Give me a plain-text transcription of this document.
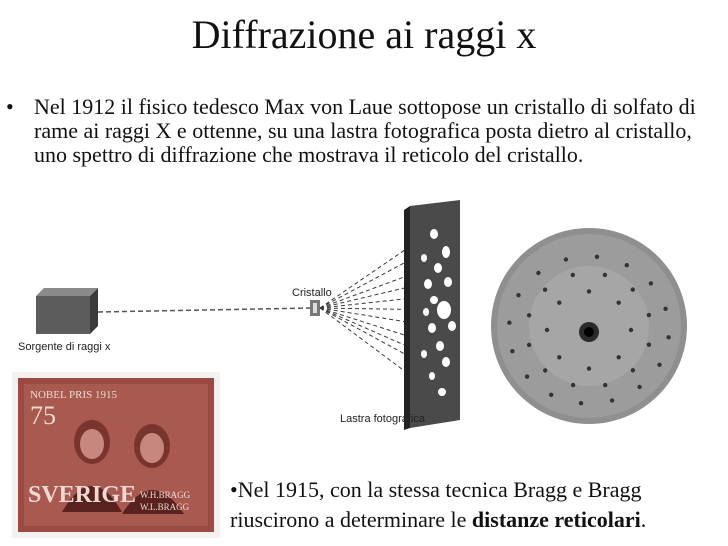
Diffrazione ai raggi x
• Nel 1912 il fisico tedesco Max von Laue sottopose un cristallo di solfato di rame ai raggi X e ottenne, su una lastra fotografica posta dietro al cristallo, uno spettro di diffrazione che mostrava il reticolo del cristallo.
Sorgente di raggi x
Cristallo
Lastra fotografica
NOBEL PRIS 1915
75
SVERIGE W.H.BRAGG
W.L.BRAGG
•Nel 1915, con la stessa tecnica Bragg e Bragg riuscirono a determinare le distanze reticolari.
